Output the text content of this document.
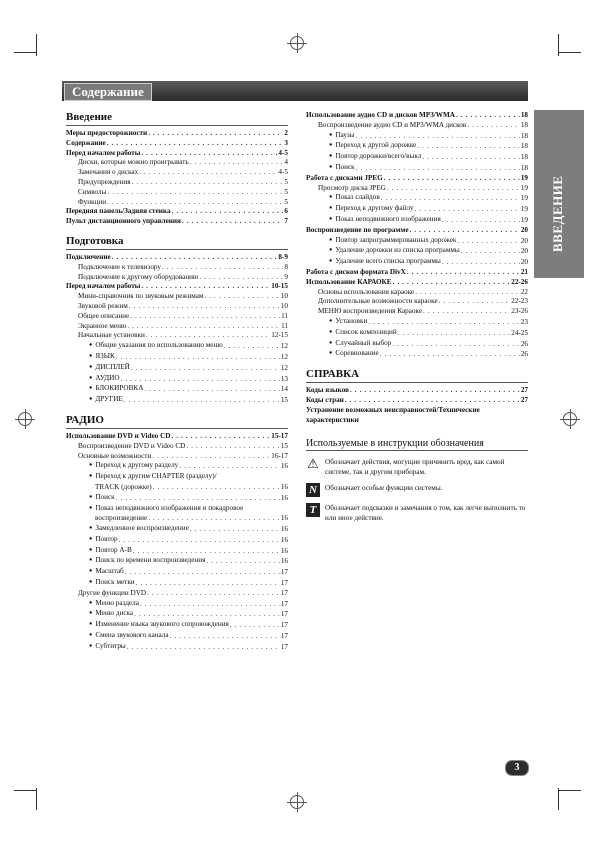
Содержание
ВВЕДЕНИЕ
Введение
Меры предосторожности . . .	2
Содержание . . .	3
Перед началом работы . . .	4-5
Диски, которые можно проигрывать . . .	4
Замечания о дисках . . .	4-5
Предупреждения . . .	5
Символы . . .	5
Функции . . .	5
Передняя панель/Задняя стенка . . .	6
Пульт дистанционного управления . . .	7
Подготовка
Подключение . . .	8-9
Подключение к телевизору . . .	8
Подключение к другому оборудованию . . .	9
Перед началом работы . . .	10-15
Мини-справочник по звуковым режимам . . .	10
Звуковой режим . . .	10
Общее описание . . .	11
Экранное меню . . .	11
Начальные установки . . .	12-15
● Общие указания по использованию меню . . .	12
● ЯЗЫК . . .	12
● ДИСПЛЕЙ . . .	12
● АУДИО . . .	13
● БЛОКИРОВКА . . .	14
● ДРУГИЕ . . .	15
РАДИО
Использование DVD и Video CD . . .	15-17
Воспроизведение DVD и Video CD . . .	15
Основные возможности . . .	16-17
● Переход к другому разделу . . .	16
● Переход к другим CHAPTER (разделу)/
TRACK (дорожке) . . .	16
● Поиск . . .	16
● Показ неподвижного изображения и покадровое
воспроизведение . . .	16
● Замедленное воспроизведение . . .	16
● Повтор . . .	16
● Повтор A-B . . .	16
● Поиск по времени воспроизведения . . .	16
● Масштаб . . .	17
● Поиск метки . . .	17
Другие функции DVD . . .	17
● Меню раздела . . .	17
● Меню диска . . .	17
● Изменение языка звукового сопровождения . . .	17
● Смена звукового канала . . .	17
● Субтитры . . .	17
Использование аудио CD и дисков MP3/WMA . . .	18
Воспроизведение аудио CD и MP3/WMA дисков . . .	18
● Паузы . . .	18
● Переход к другой дорожке . . .	18
● Повтор дорожки/всего/выкл . . .	18
● Поиск . . .	18
Работа с дисками JPEG . . .	19
Просмотр диска JPEG . . .	19
● Показ слайдов . . .	19
● Переход к другому файлу . . .	19
● Показ неподвижного изображения . . .	19
Воспроизведение по программе . . .	20
● Повтор запрограммированных дорожек . . .	20
● Удаление дорожки из списка программы . . .	20
● Удаление всего списка программы . . .	20
Работа с диском формата DivX . . .	21
Использование КАРАОКЕ . . .	22-26
Основы использования караоке . . .	22
Дополнительные возможности караоке . . .	22-23
МЕНЮ воспроизведения Караоке . . .	23-26
● Установки . . .	23
● Список композиций . . .	24-25
● Случайный выбор . . .	26
● Соревнование . . .	26
СПРАВКА
Коды языков . . .	27
Коды стран . . .	27
Устранение возможных неисправностей/Технические характеристики
Используемые в инструкции обозначения
⚠ Обозначает действия, могущие причинить вред, как самой системе, так и другим приборам.
N	Обозначает особые функции системы.
T	Обозначает подсказки и замечания о том, как легче выполнить то или иное действие.
3
